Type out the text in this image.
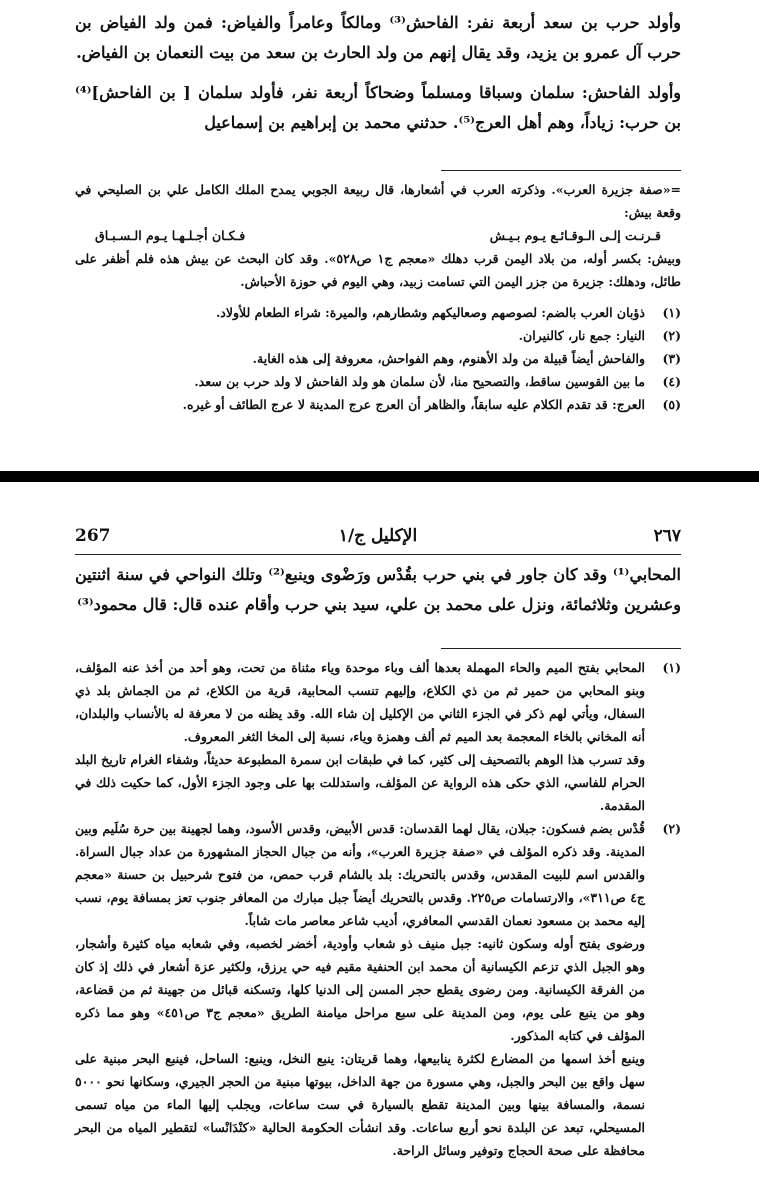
وأولد حرب بن سعد أربعة نفر: الفاحش⁽³⁾ ومالكاً وعامراً والفياض: فمن ولد الفياض بن حرب آل عمرو بن يزيد، وقد يقال إنهم من ولد الحارث بن سعد من بيت النعمان بن الفياض.

وأولد الفاحش: سلمان وسباقا ومسلماً وضحاكاً أربعة نفر، فأولد سلمان [ بن الفاحش]⁽⁴⁾ بن حرب: زياداً، وهم أهل العرج⁽⁵⁾. حدثني محمد بن إبراهيم بن إسماعيل

=«صفة جزيرة العرب». وذكرته العرب في أشعارها، قال ربيعة الجوبي يمدح الملك الكامل علي بن الصليحي في وقعة بيش:

قـرنـت إلـى الـوقـائـع يـوم بـيـش
فـكـان أجـلـهـا يـوم الـسـبـاق

وبيش: بكسر أوله، من بلاد اليمن قرب دهلك «معجم ج١ ص٥٢٨». وقد كان البحث عن بيش هذه فلم أظفر على طائل، ودهلك: جزيرة من جزر اليمن التي تسامت زبيد، وهي اليوم في حوزة الأحباش.

(١)
ذؤبان العرب بالضم: لصوصهم وصعاليكهم وشطارهم، والميرة: شراء الطعام للأولاد.
(٢)
النيار: جمع نار، كالنيران.
(٣)
والفاحش أيضاً قبيلة من ولد الأهنوم، وهم الفواحش، معروفة إلى هذه الغاية.
(٤)
ما بين القوسين ساقط، والتصحيح منا، لأن سلمان هو ولد الفاحش لا ولد حرب بن سعد.
(٥)
العرج: قد تقدم الكلام عليه سابقاً، والظاهر أن العرج عرج المدينة لا عرج الطائف أو غيره.
267	الإكليل ج/١	٢٦٧

المحابي⁽¹⁾ وقد كان جاور في بني حرب بقُدْس ورَضْوى وينبع⁽²⁾ وتلك النواحي في سنة اثنتين وعشرين وثلاثمائة، ونزل على محمد بن علي، سيد بني حرب وأقام عنده قال: قال محمود⁽³⁾

(١)

المحابي بفتح الميم والحاء المهملة بعدها ألف وباء موحدة وياء مثناة من تحت، وهو أحد من أخذ عنه المؤلف، وبنو المحابي من حمير ثم من ذي الكلاع، وإليهم تنسب المحابية، قرية من الكلاع، ثم من الجماش بلد ذي السفال، ويأتي لهم ذكر في الجزء الثاني من الإكليل إن شاء الله. وقد يظنه من لا معرفة له بالأنساب والبلدان، أنه المخاني بالخاء المعجمة بعد الميم ثم ألف وهمزة وياء، نسبة إلى المخا الثغر المعروف.

وقد تسرب هذا الوهم بالتصحيف إلى كثير، كما في طبقات ابن سمرة المطبوعة حديثاً، وشفاء الغرام تاريخ البلد الحرام للفاسي، الذي حكى هذه الرواية عن المؤلف، واستدللت بها على وجود الجزء الأول، كما حكيت ذلك في المقدمة.

(٢)

قُدْس بضم فسكون: جبلان، يقال لهما القدسان: قدس الأبيض، وقدس الأسود، وهما لجهينة بين حرة سُلَيم وبين المدينة. وقد ذكره المؤلف في «صفة جزيرة العرب»، وأنه من جبال الحجاز المشهورة من عداد جبال السراة. والقدس اسم للبيت المقدس، وقدس بالتحريك: بلد بالشام قرب حمص، من فتوح شرحبيل بن حسنة «معجم ج٤ ص٣١١»، والارتسامات ص٢٢٥. وقدس بالتحريك أيضاً جبل مبارك من المعافر جنوب تعز بمسافة يوم، نسب إليه محمد بن مسعود نعمان القدسي المعافري، أديب شاعر معاصر مات شاباً.

ورضوى بفتح أوله وسكون ثانيه: جبل منيف ذو شعاب وأودية، أخضر لخصبه، وفي شعابه مياه كثيرة وأشجار، وهو الجبل الذي تزعم الكيسانية أن محمد ابن الحنفية مقيم فيه حي يرزق، ولكثير عزة أشعار في ذلك إذ كان من الفرقة الكيسانية. ومن رضوى يقطع حجر المسن إلى الدنيا كلها، وتسكنه قبائل من جهينة ثم من قضاعة، وهو من ينبع على يوم، ومن المدينة على سبع مراحل ميامنة الطريق «معجم ج٣ ص٤٥١» وهو مما ذكره المؤلف في كتابه المذكور.

وينبع أخذ اسمها من المضارع لكثرة ينابيعها، وهما قريتان: ينبع النخل، وينبع: الساحل، فينبع البحر مبنية على سهل واقع بين البحر والجبل، وهي مسورة من جهة الداخل، بيوتها مبنية من الحجر الجيري، وسكانها نحو ٥٠٠٠ نسمة، والمسافة بينها وبين المدينة تقطع بالسيارة في ست ساعات، ويجلب إليها الماء من مياه تسمى المسيحلي، تبعد عن البلدة نحو أربع ساعات. وقد انشأت الحكومة الحالية «كنْدَانْسا» لتقطير المياه من البحر محافظة على صحة الحجاج وتوفير وسائل الراحة.
